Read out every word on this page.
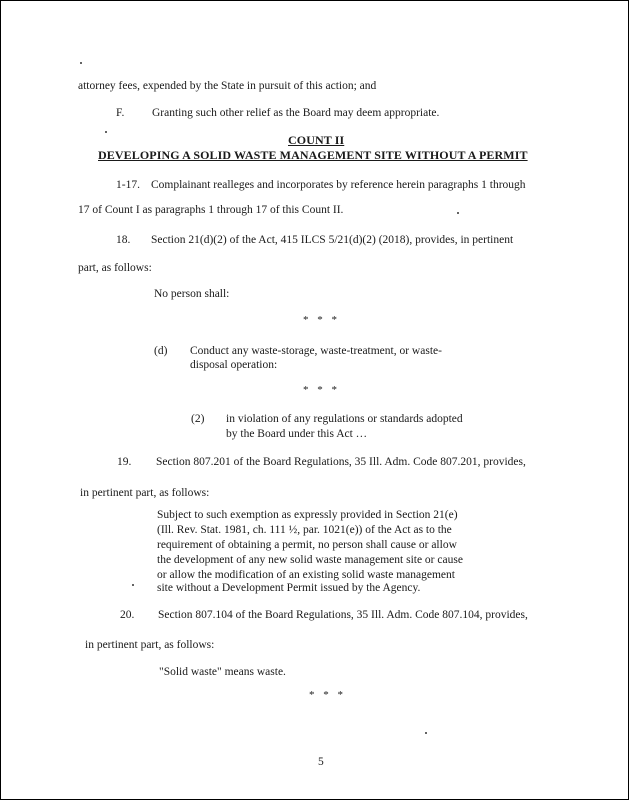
attorney fees, expended by the State in pursuit of this action; and
F. Granting such other relief as the Board may deem appropriate.
COUNT II
DEVELOPING A SOLID WASTE MANAGEMENT SITE WITHOUT A PERMIT
1-17. Complainant realleges and incorporates by reference herein paragraphs 1 through
17 of Count I as paragraphs 1 through 17 of this Count II.
18. Section 21(d)(2) of the Act, 415 ILCS 5/21(d)(2) (2018), provides, in pertinent
part, as follows:
No person shall:
* * *
(d) Conduct any waste-storage, waste-treatment, or waste-
disposal operation:
* * *
(2) in violation of any regulations or standards adopted
by the Board under this Act …
19. Section 807.201 of the Board Regulations, 35 Ill. Adm. Code 807.201, provides,
in pertinent part, as follows:
Subject to such exemption as expressly provided in Section 21(e)
(Ill. Rev. Stat. 1981, ch. 111 ½, par. 1021(e)) of the Act as to the
requirement of obtaining a permit, no person shall cause or allow
the development of any new solid waste management site or cause
or allow the modification of an existing solid waste management
site without a Development Permit issued by the Agency.
20. Section 807.104 of the Board Regulations, 35 Ill. Adm. Code 807.104, provides,
in pertinent part, as follows:
"Solid waste" means waste.
* * *
5
